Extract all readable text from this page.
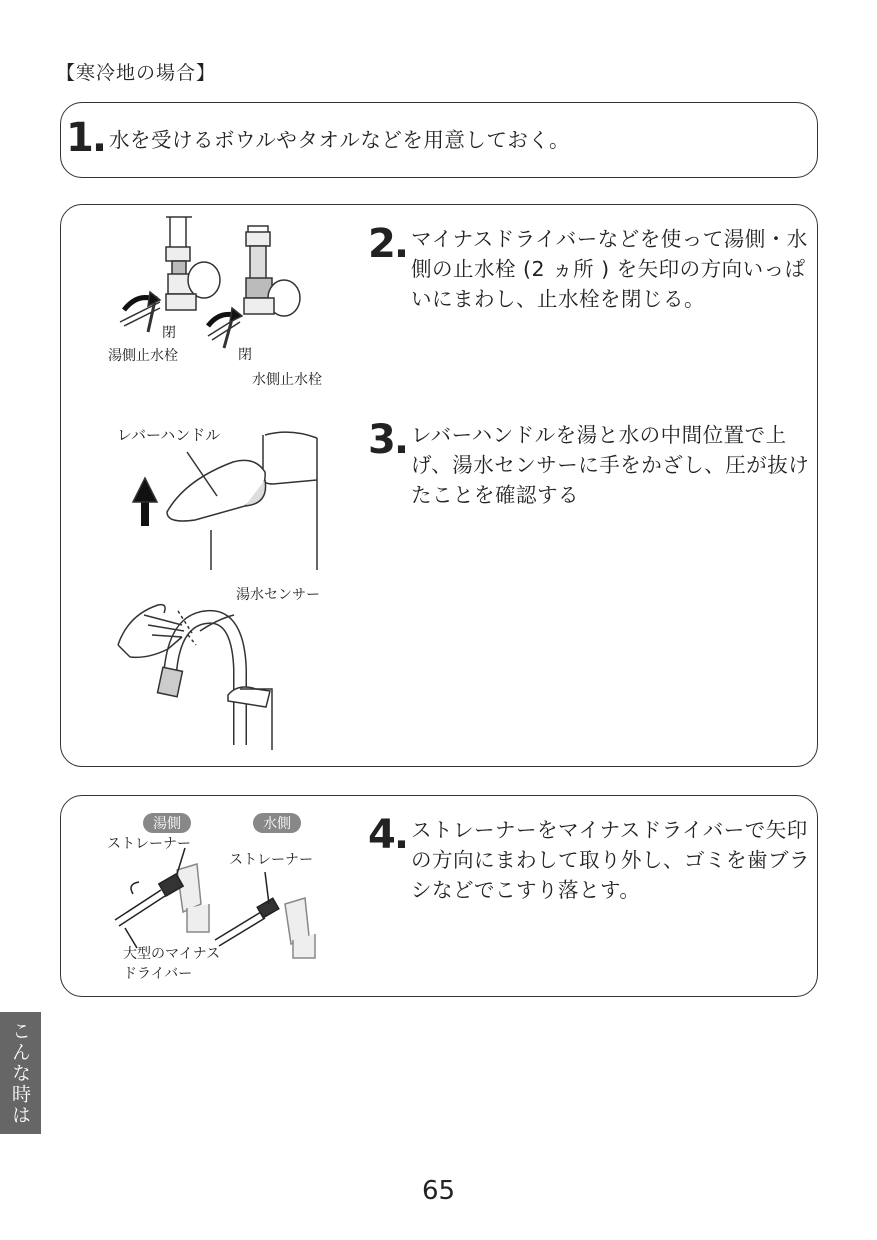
【寒冷地の場合】
1. 水を受けるボウルやタオルなどを用意しておく。
閉
閉
湯側止水栓
水側止水栓
2. マイナスドライバーなどを使って湯側・水側の止水栓 (2 ヵ所 ) を矢印の方向いっぱいにまわし、止水栓を閉じる。
レバーハンドル
湯水センサー
3. レバーハンドルを湯と水の中間位置で上げ、湯水センサーに手をかざし、圧が抜けたことを確認する
湯側	水側
ストレーナー
ストレーナー
大型のマイナス
ドライバー
4. ストレーナーをマイナスドライバーで矢印の方向にまわして取り外し、ゴミを歯ブラシなどでこすり落とす。
こんな時は
65
